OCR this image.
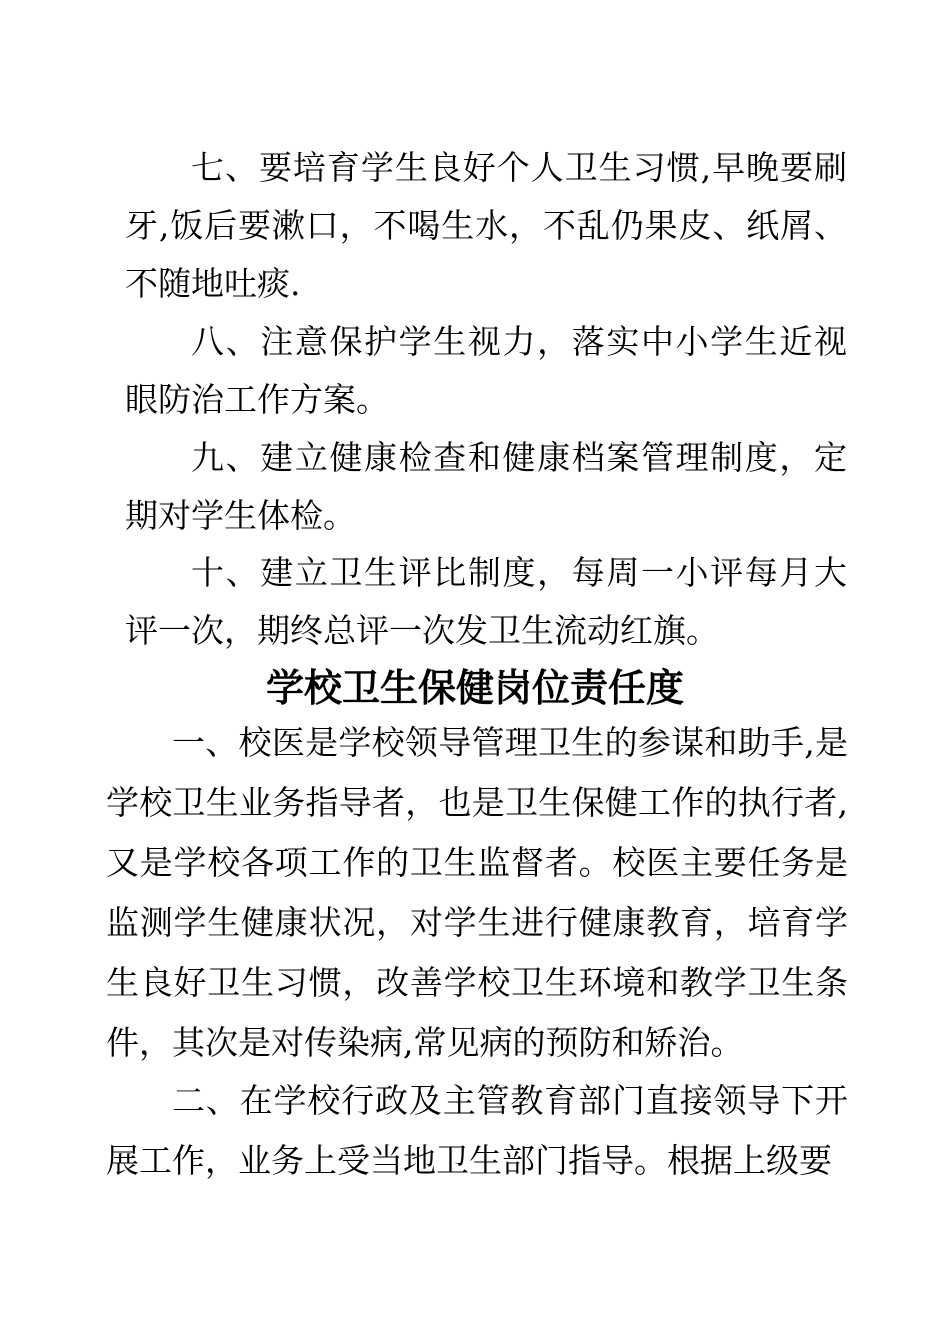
七、要培育学生良好个人卫生习惯,早晚要刷牙,饭后要漱口，不喝生水，不乱仍果皮、纸屑、不随地吐痰.

八、注意保护学生视力，落实中小学生近视眼防治工作方案。

九、建立健康检查和健康档案管理制度，定期对学生体检。

十、建立卫生评比制度，每周一小评每月大评一次，期终总评一次发卫生流动红旗。

学校卫生保健岗位责任度

一、校医是学校领导管理卫生的参谋和助手,是学校卫生业务指导者，也是卫生保健工作的执行者,又是学校各项工作的卫生监督者。校医主要任务是监测学生健康状况，对学生进行健康教育，培育学生良好卫生习惯，改善学校卫生环境和教学卫生条件，其次是对传染病,常见病的预防和矫治。

二、在学校行政及主管教育部门直接领导下开展工作，业务上受当地卫生部门指导。根据上级要
